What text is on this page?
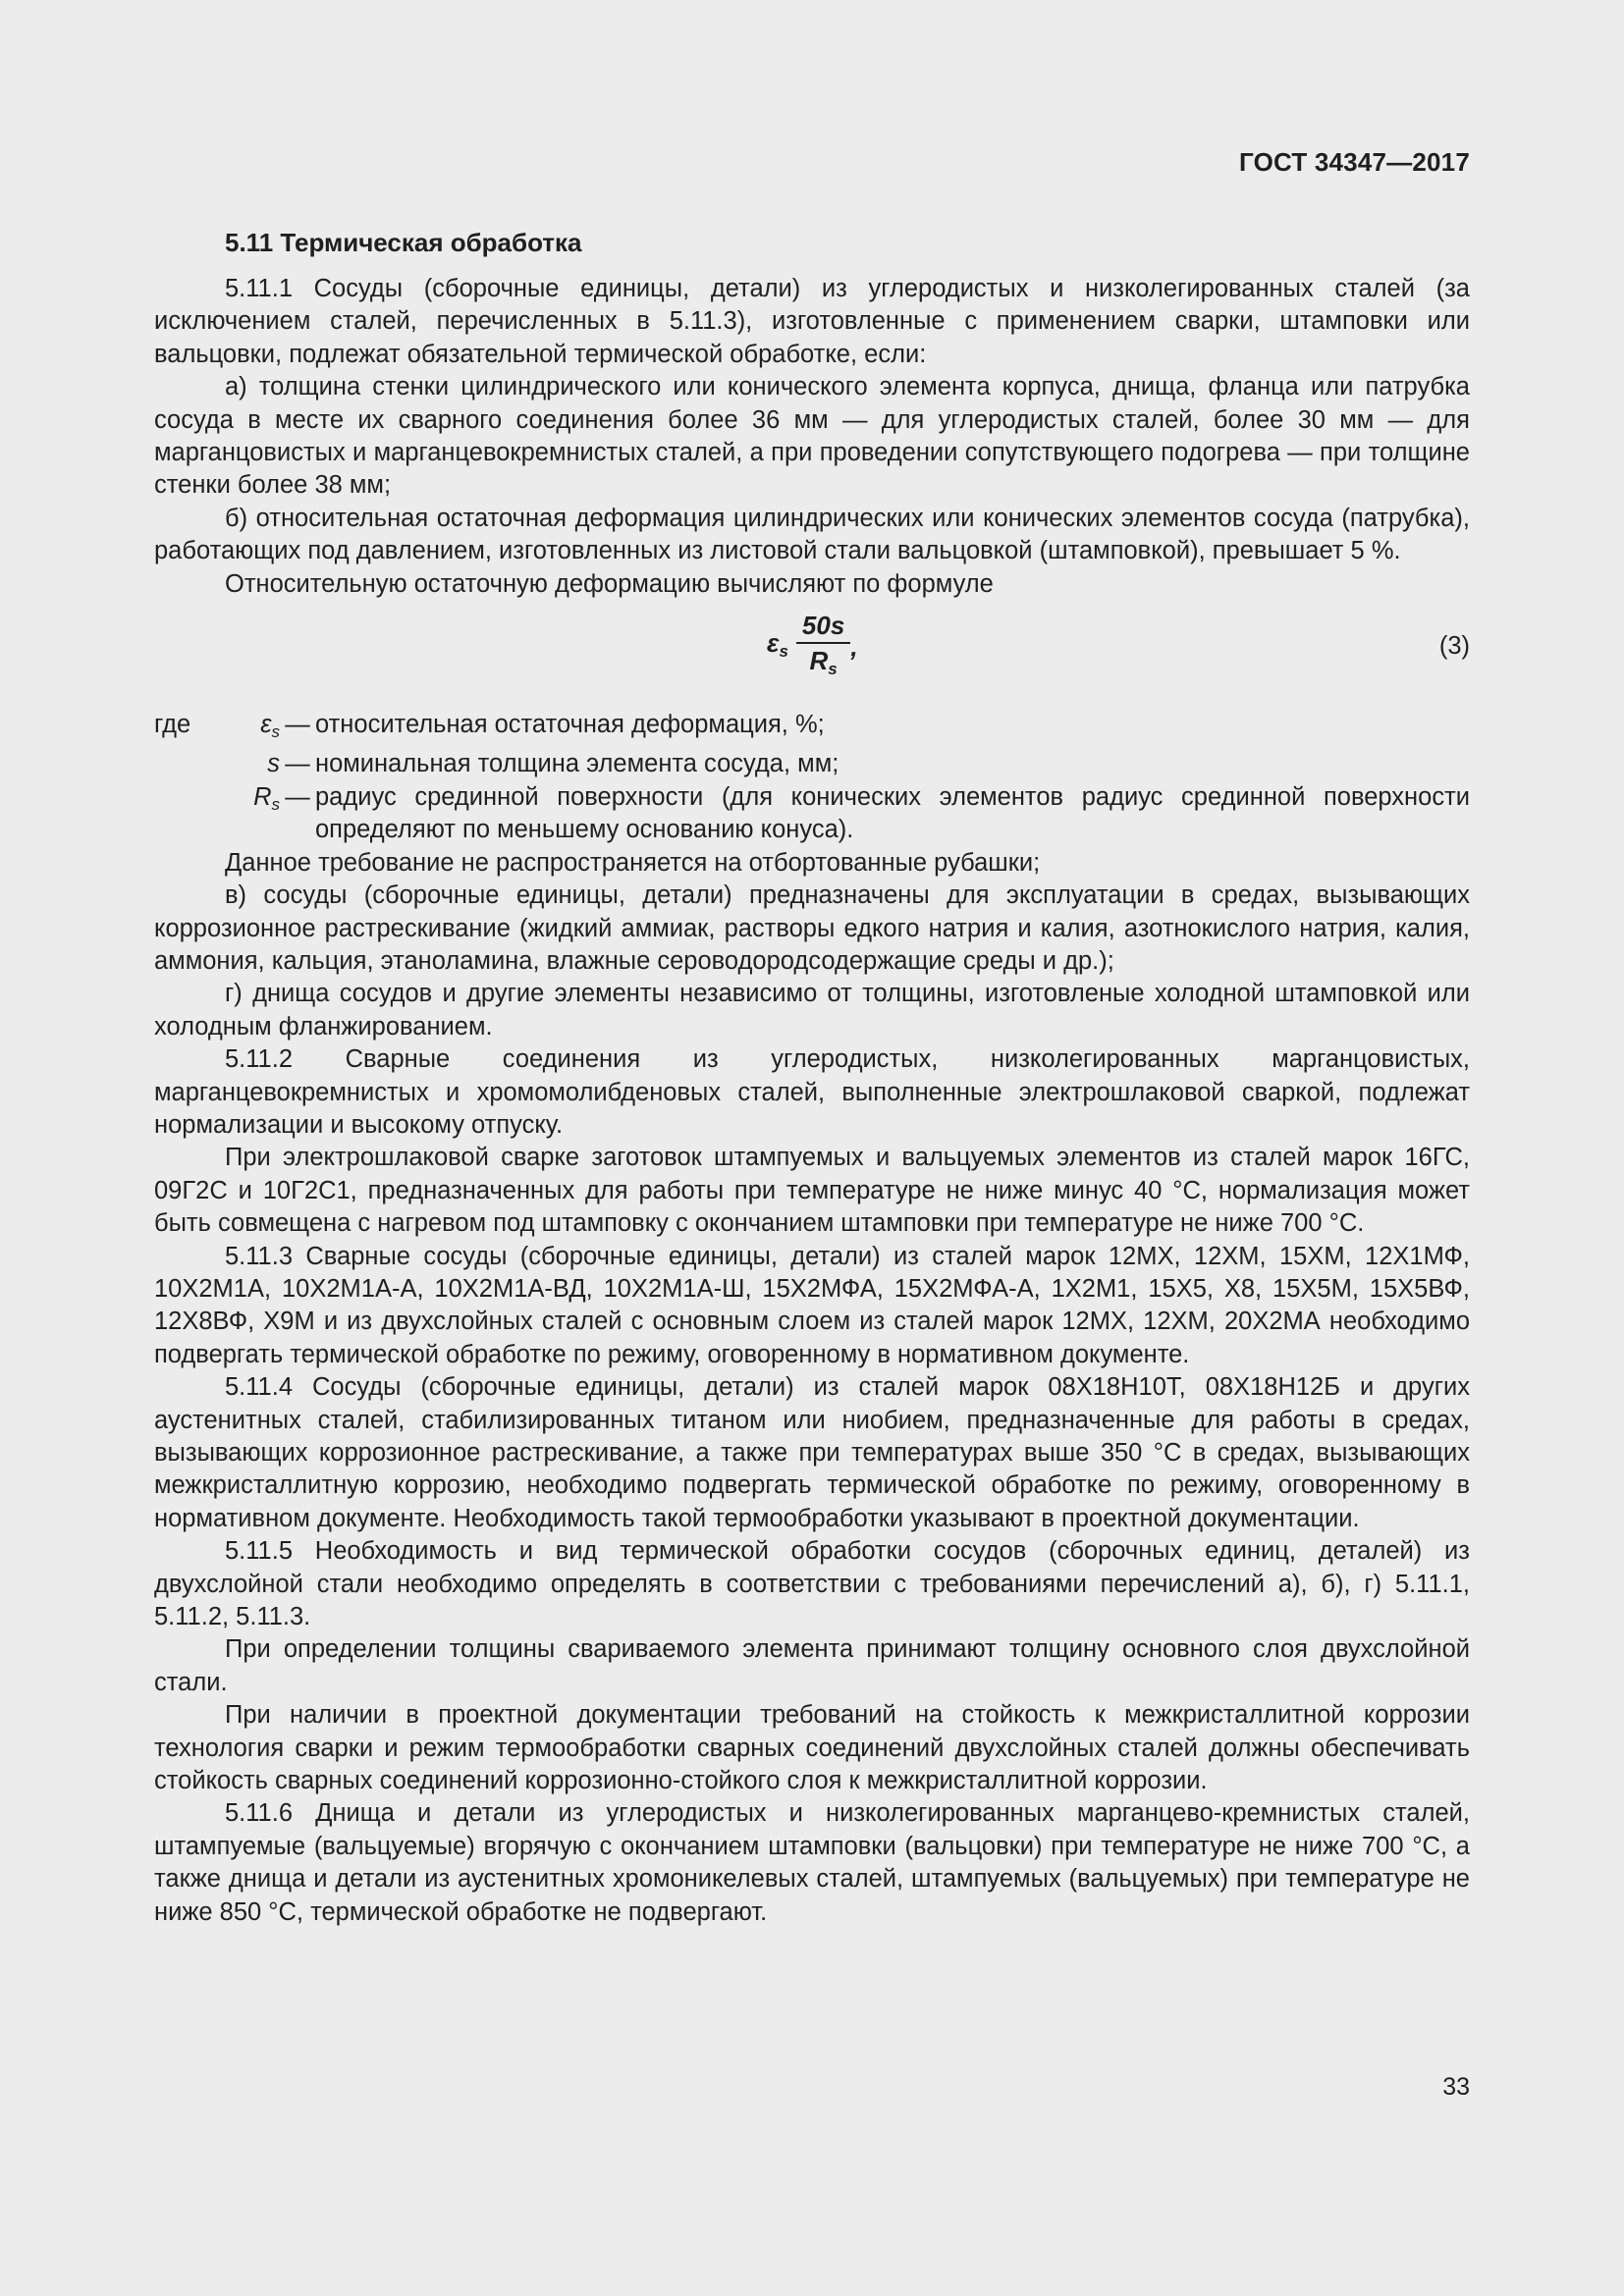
ГОСТ 34347—2017
5.11 Термическая обработка

5.11.1 Сосуды (сборочные единицы, детали) из углеродистых и низколегированных сталей (за исключением сталей, перечисленных в 5.11.3), изготовленные с применением сварки, штамповки или вальцовки, подлежат обязательной термической обработке, если:

а) толщина стенки цилиндрического или конического элемента корпуса, днища, фланца или патрубка сосуда в месте их сварного соединения более 36 мм — для углеродистых сталей, более 30 мм — для марганцовистых и марганцевокремнистых сталей, а при проведении сопутствующего подогрева — при толщине стенки более 38 мм;

б) относительная остаточная деформация цилиндрических или конических элементов сосуда (патрубка), работающих под давлением, изготовленных из листовой стали вальцовкой (штамповкой), превышает 5 %.

Относительную остаточную деформацию вычисляют по формуле

$\varepsilon_s \frac{50s}{R_s}$ ,	(3)
где	$\varepsilon_s$ — относительная остаточная деформация, %;
s — номинальная толщина элемента сосуда, мм;
$R_s$ — радиус срединной поверхности (для конических элементов радиус срединной поверхности определяют по меньшему основанию конуса).

Данное требование не распространяется на отбортованные рубашки;

в) сосуды (сборочные единицы, детали) предназначены для эксплуатации в средах, вызывающих коррозионное растрескивание (жидкий аммиак, растворы едкого натрия и калия, азотнокислого натрия, калия, аммония, кальция, этаноламина, влажные сероводородсодержащие среды и др.);

г) днища сосудов и другие элементы независимо от толщины, изготовленые холодной штамповкой или холодным фланжированием.

5.11.2 Сварные соединения из углеродистых, низколегированных марганцовистых, марганцевокремнистых и хромомолибденовых сталей, выполненные электрошлаковой сваркой, подлежат нормализации и высокому отпуску.

При электрошлаковой сварке заготовок штампуемых и вальцуемых элементов из сталей марок 16ГС, 09Г2С и 10Г2С1, предназначенных для работы при температуре не ниже минус 40 °С, нормализация может быть совмещена с нагревом под штамповку с окончанием штамповки при температуре не ниже 700 °С.

5.11.3 Сварные сосуды (сборочные единицы, детали) из сталей марок 12МХ, 12ХМ, 15ХМ, 12Х1МФ, 10Х2М1А, 10Х2М1А-А, 10Х2М1А-ВД, 10Х2М1А-Ш, 15Х2МФА, 15Х2МФА-А, 1Х2М1, 15Х5, Х8, 15Х5М, 15Х5ВФ, 12Х8ВФ, Х9М и из двухслойных сталей с основным слоем из сталей марок 12МХ, 12ХМ, 20Х2МА необходимо подвергать термической обработке по режиму, оговоренному в нормативном документе.

5.11.4 Сосуды (сборочные единицы, детали) из сталей марок 08Х18Н10Т, 08Х18Н12Б и других аустенитных сталей, стабилизированных титаном или ниобием, предназначенные для работы в средах, вызывающих коррозионное растрескивание, а также при температурах выше 350 °С в средах, вызывающих межкристаллитную коррозию, необходимо подвергать термической обработке по режиму, оговоренному в нормативном документе. Необходимость такой термообработки указывают в проектной документации.

5.11.5 Необходимость и вид термической обработки сосудов (сборочных единиц, деталей) из двухслойной стали необходимо определять в соответствии с требованиями перечислений а), б), г) 5.11.1, 5.11.2, 5.11.3.

При определении толщины свариваемого элемента принимают толщину основного слоя двухслойной стали.

При наличии в проектной документации требований на стойкость к межкристаллитной коррозии технология сварки и режим термообработки сварных соединений двухслойных сталей должны обеспечивать стойкость сварных соединений коррозионно-стойкого слоя к межкристаллитной коррозии.

5.11.6 Днища и детали из углеродистых и низколегированных марганцево-кремнистых сталей, штампуемые (вальцуемые) вгорячую с окончанием штамповки (вальцовки) при температуре не ниже 700 °С, а также днища и детали из аустенитных хромоникелевых сталей, штампуемых (вальцуемых) при температуре не ниже 850 °С, термической обработке не подвергают.

33
